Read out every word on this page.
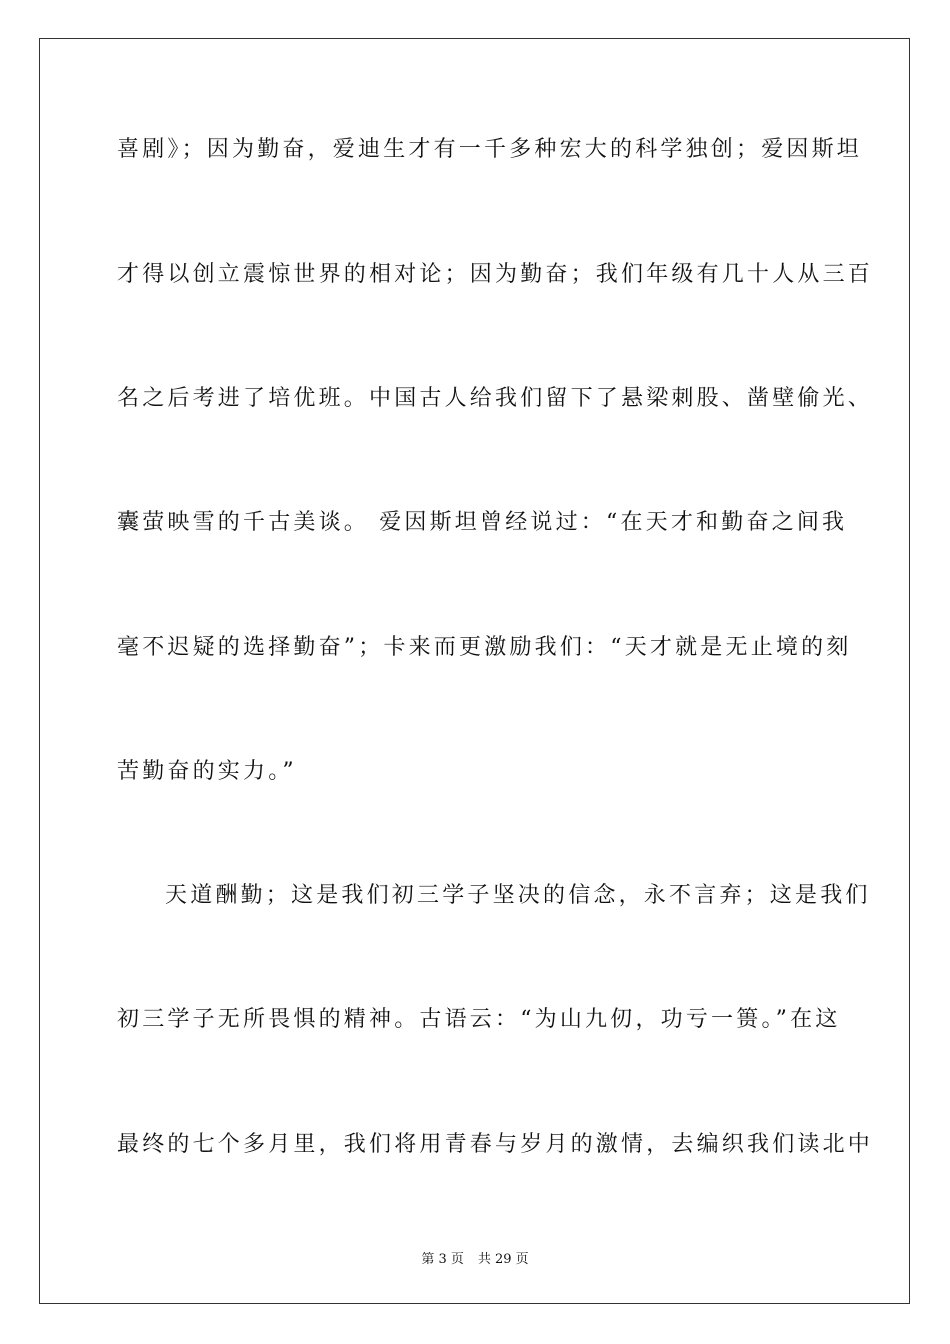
喜剧》；因为勤奋，爱迪生才有一千多种宏大的科学独创；爱因斯坦
才得以创立震惊世界的相对论；因为勤奋；我们年级有几十人从三百
名之后考进了培优班。中国古人给我们留下了悬梁刺股、凿壁偷光、
囊萤映雪的千古美谈。 爱因斯坦曾经说过：“在天才和勤奋之间我
毫不迟疑的选择勤奋”；卡来而更激励我们：“天才就是无止境的刻
苦勤奋的实力。”
天道酬勤；这是我们初三学子坚决的信念，永不言弃；这是我们
初三学子无所畏惧的精神。古语云：“为山九仞，功亏一篑。”在这
最终的七个多月里，我们将用青春与岁月的激情，去编织我们读北中
第 3 页 共 29 页
